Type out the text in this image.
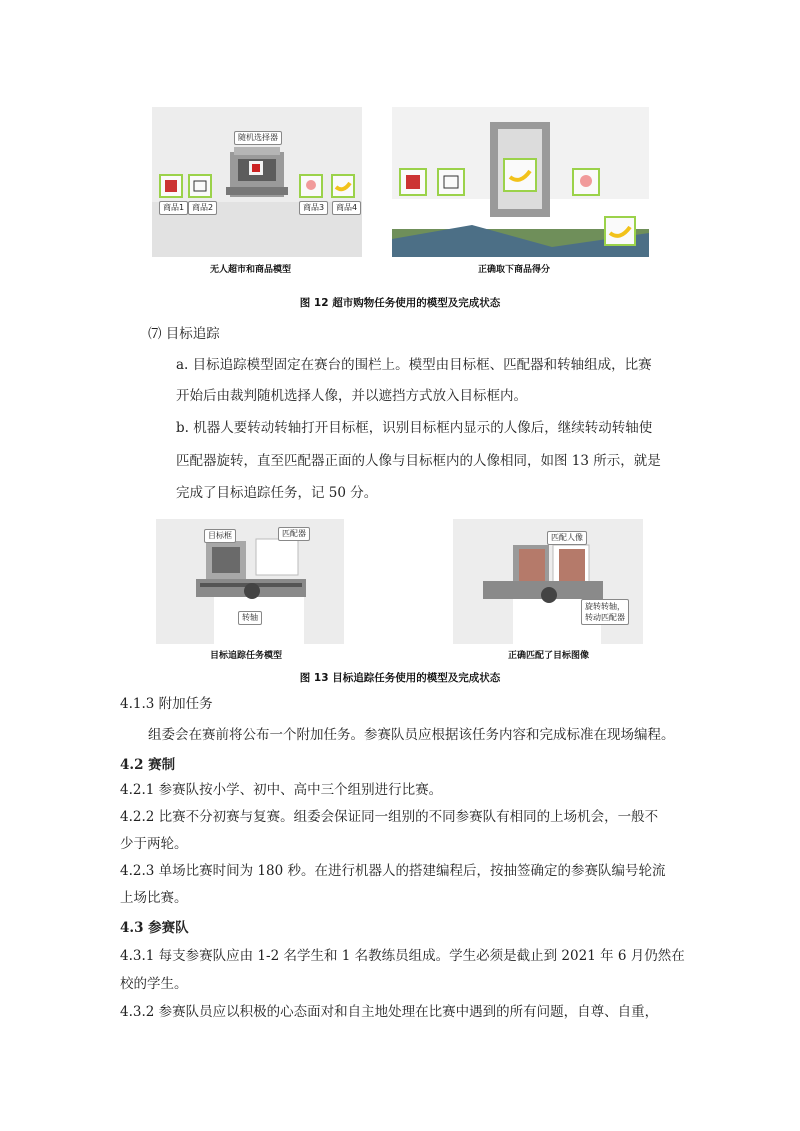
随机选择器
商品1 商品2	商品3	商品4
无人超市和商品模型	正确取下商品得分
图 12 超市购物任务使用的模型及完成状态
⑺ 目标追踪
a. 目标追踪模型固定在赛台的围栏上。模型由目标框、匹配器和转轴组成，比赛
开始后由裁判随机选择人像，并以遮挡方式放入目标框内。
b. 机器人要转动转轴打开目标框，识别目标框内显示的人像后，继续转动转轴使
匹配器旋转，直至匹配器正面的人像与目标框内的人像相同，如图 13 所示，就是
完成了目标追踪任务，记 50 分。
目标框	匹配器
转轴
目标追踪任务模型
匹配人像
旋转转轴，
转动匹配器
正确匹配了目标图像
图 13 目标追踪任务使用的模型及完成状态
4.1.3 附加任务
组委会在赛前将公布一个附加任务。参赛队员应根据该任务内容和完成标准在现场编程。
4.2 赛制
4.2.1 参赛队按小学、初中、高中三个组别进行比赛。
4.2.2 比赛不分初赛与复赛。组委会保证同一组别的不同参赛队有相同的上场机会，一般不
少于两轮。
4.2.3 单场比赛时间为 180 秒。在进行机器人的搭建编程后，按抽签确定的参赛队编号轮流
上场比赛。
4.3 参赛队
4.3.1 每支参赛队应由 1-2 名学生和 1 名教练员组成。学生必须是截止到 2021 年 6 月仍然在
校的学生。
4.3.2 参赛队员应以积极的心态面对和自主地处理在比赛中遇到的所有问题，自尊、自重，
